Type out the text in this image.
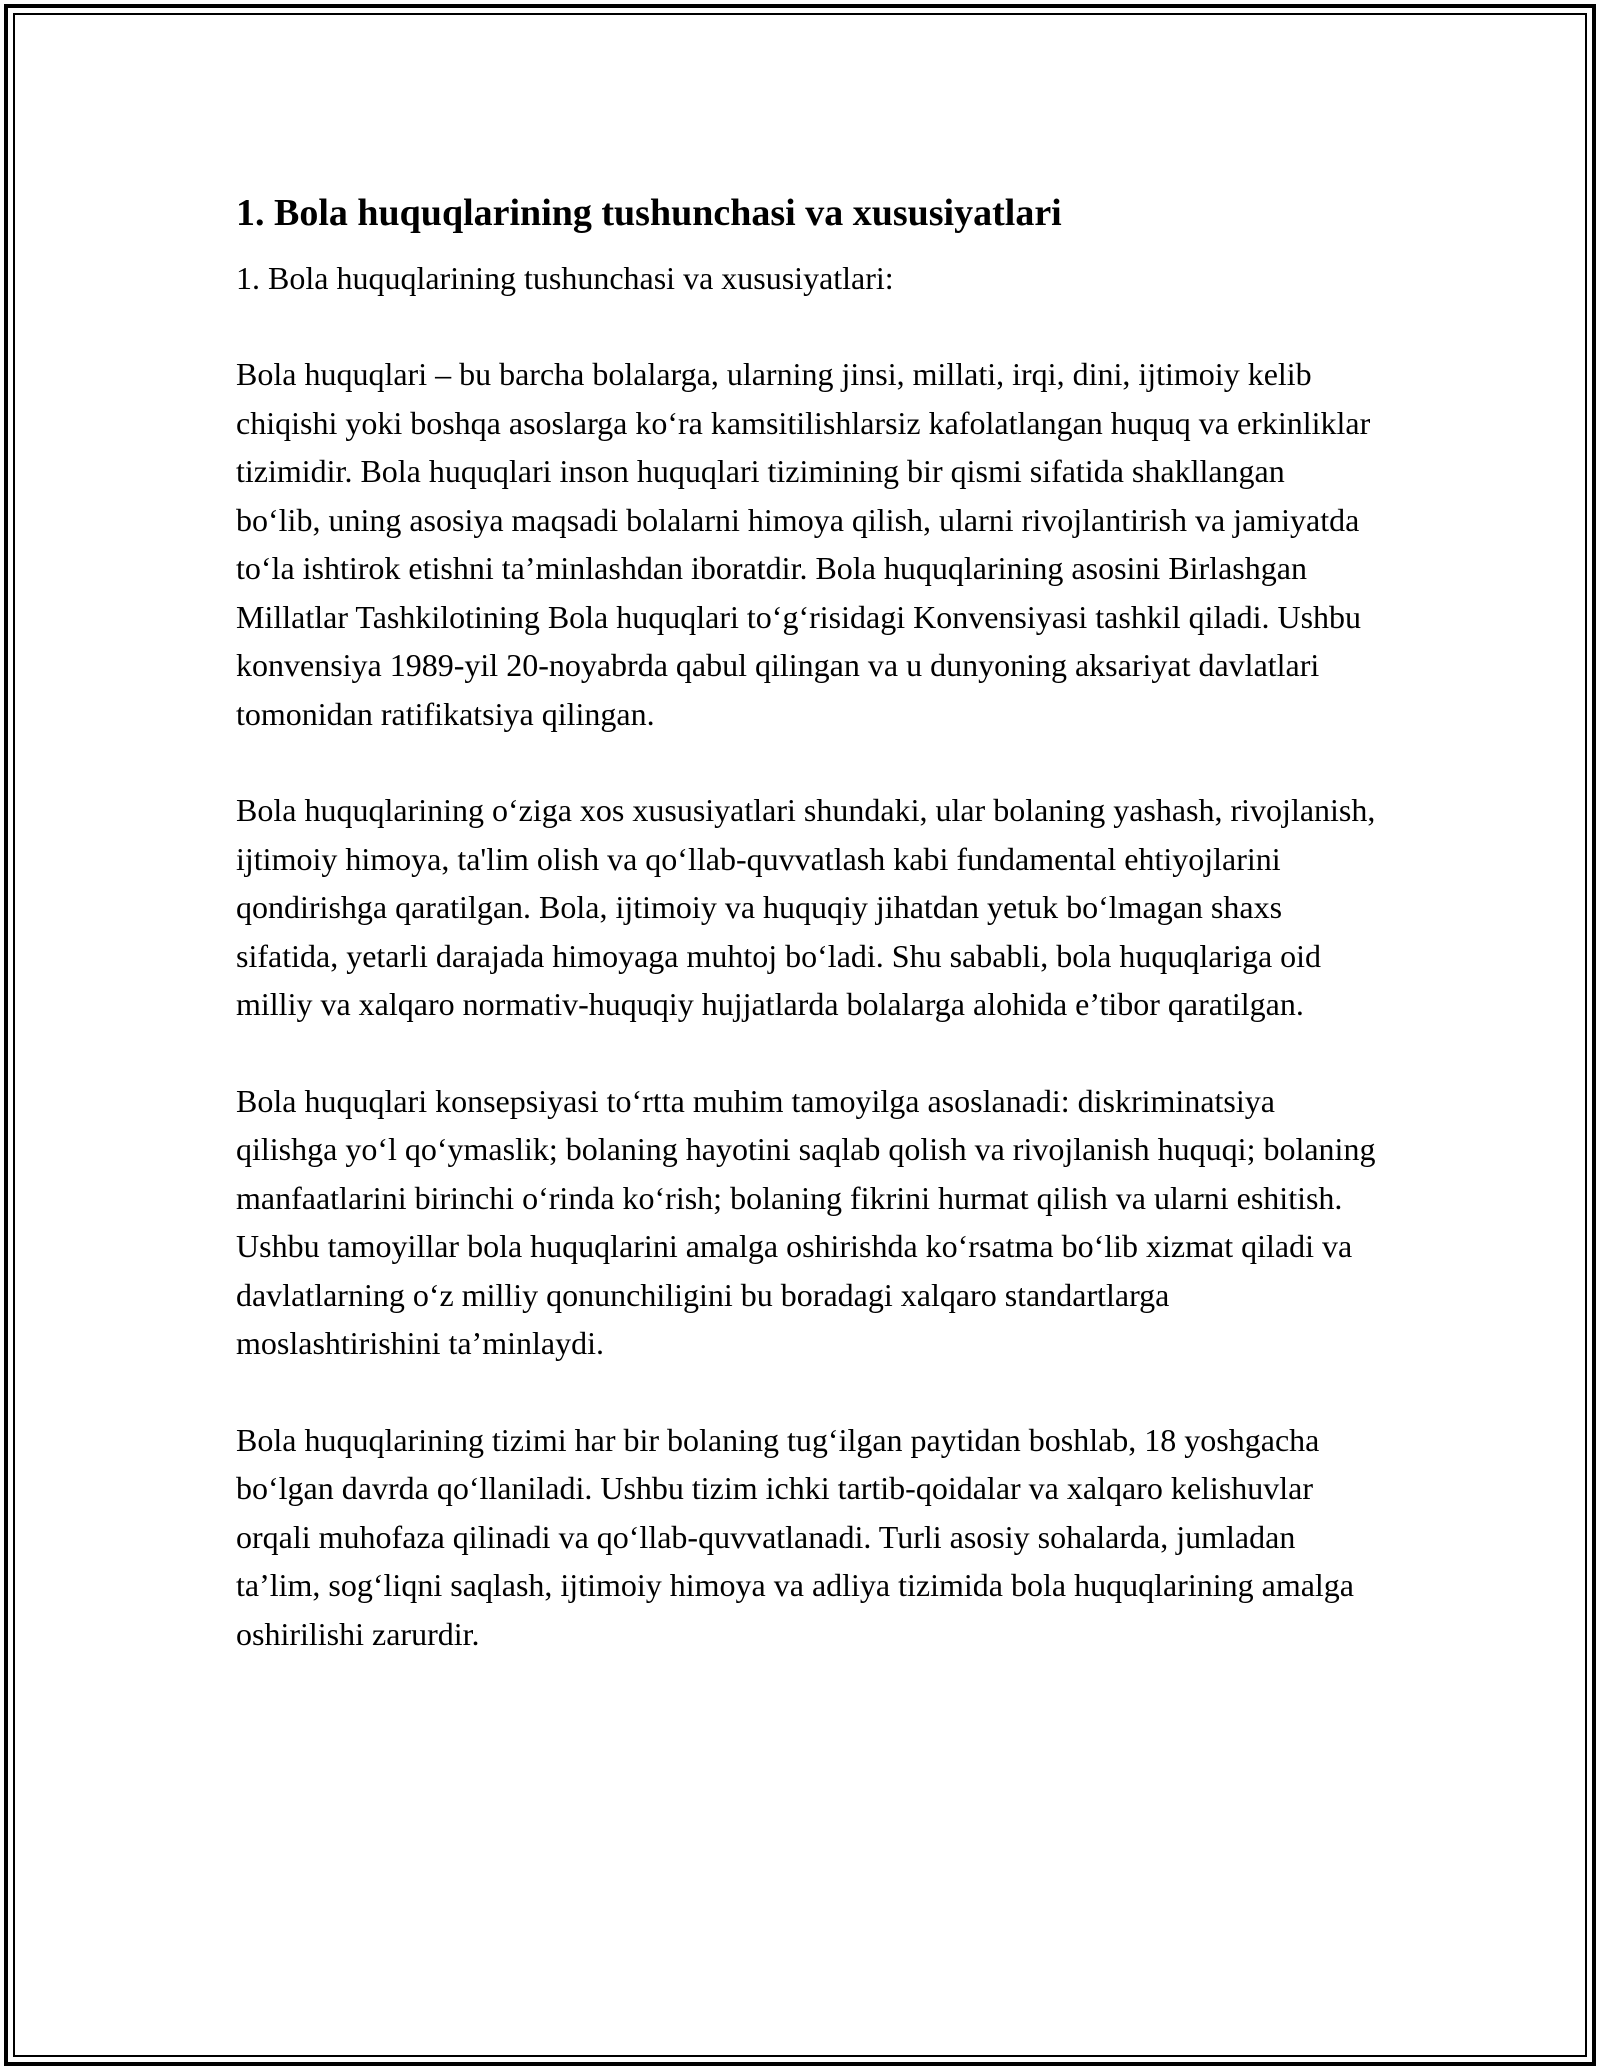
1. Bola huquqlarining tushunchasi va xususiyatlari

1. Bola huquqlarining tushunchasi va xususiyatlari:

Bola huquqlari – bu barcha bolalarga, ularning jinsi, millati, irqi, dini, ijtimoiy kelib chiqishi yoki boshqa asoslarga koʻra kamsitilishlarsiz kafolatlangan huquq va erkinliklar tizimidir. Bola huquqlari inson huquqlari tizimining bir qismi sifatida shakllangan boʻlib, uning asosiya maqsadi bolalarni himoya qilish, ularni rivojlantirish va jamiyatda toʻla ishtirok etishni ta’minlashdan iboratdir. Bola huquqlarining asosini Birlashgan Millatlar Tashkilotining Bola huquqlari toʻgʻrisidagi Konvensiyasi tashkil qiladi. Ushbu konvensiya 1989-yil 20-noyabrda qabul qilingan va u dunyoning aksariyat davlatlari tomonidan ratifikatsiya qilingan.

Bola huquqlarining oʻziga xos xususiyatlari shundaki, ular bolaning yashash, rivojlanish, ijtimoiy himoya, ta'lim olish va qoʻllab-quvvatlash kabi fundamental ehtiyojlarini qondirishga qaratilgan. Bola, ijtimoiy va huquqiy jihatdan yetuk boʻlmagan shaxs sifatida, yetarli darajada himoyaga muhtoj boʻladi. Shu sababli, bola huquqlariga oid milliy va xalqaro normativ-huquqiy hujjatlarda bolalarga alohida e’tibor qaratilgan.

Bola huquqlari konsepsiyasi toʻrtta muhim tamoyilga asoslanadi: diskriminatsiya qilishga yoʻl qoʻymaslik; bolaning hayotini saqlab qolish va rivojlanish huquqi; bolaning manfaatlarini birinchi oʻrinda koʻrish; bolaning fikrini hurmat qilish va ularni eshitish. Ushbu tamoyillar bola huquqlarini amalga oshirishda koʻrsatma boʻlib xizmat qiladi va davlatlarning oʻz milliy qonunchiligini bu boradagi xalqaro standartlarga moslashtirishini ta’minlaydi.

Bola huquqlarining tizimi har bir bolaning tugʻilgan paytidan boshlab, 18 yoshgacha boʻlgan davrda qoʻllaniladi. Ushbu tizim ichki tartib-qoidalar va xalqaro kelishuvlar orqali muhofaza qilinadi va qoʻllab-quvvatlanadi. Turli asosiy sohalarda, jumladan ta’lim, sogʻliqni saqlash, ijtimoiy himoya va adliya tizimida bola huquqlarining amalga oshirilishi zarurdir.
